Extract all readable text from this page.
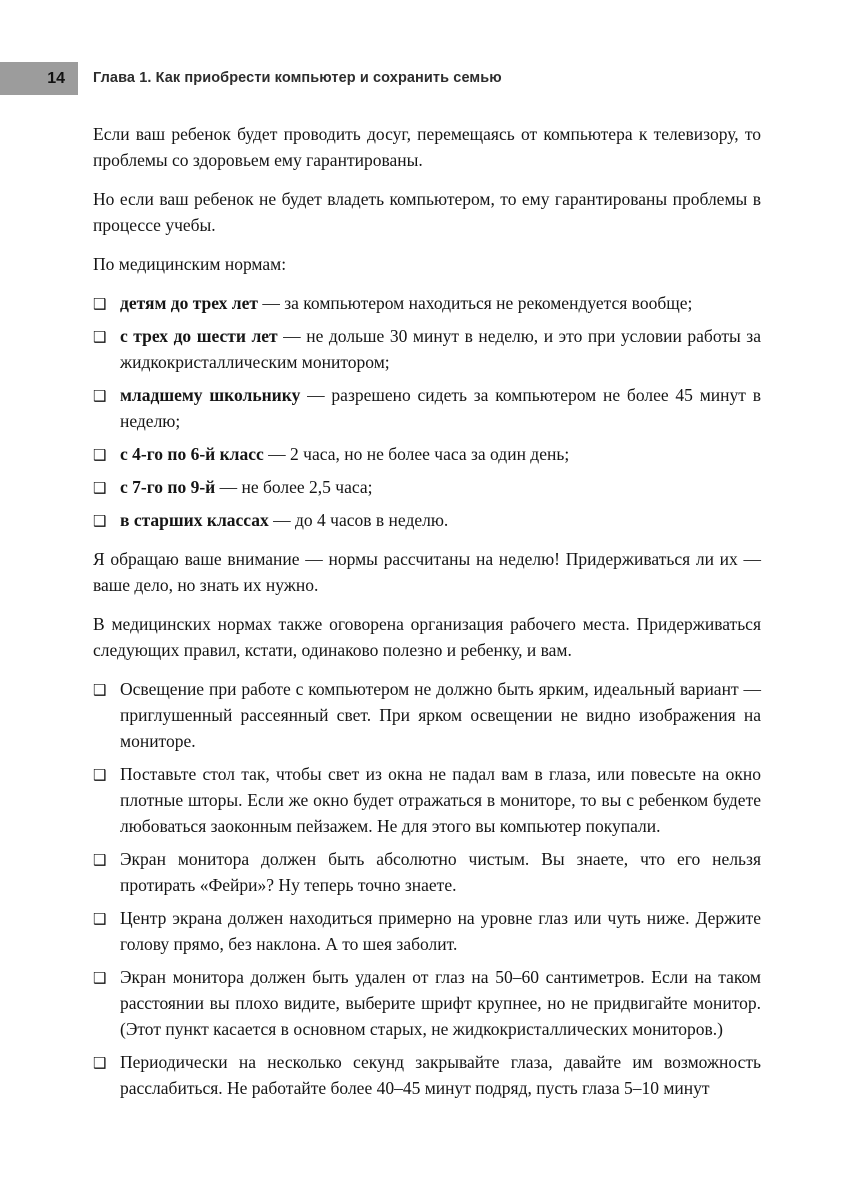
14 Глава 1. Как приобрести компьютер и сохранить семью

Если ваш ребенок будет проводить досуг, перемещаясь от компьютера к телевизору, то проблемы со здоровьем ему гарантированы.

Но если ваш ребенок не будет владеть компьютером, то ему гарантированы проблемы в процессе учебы.

По медицинским нормам:

❑ детям до трех лет — за компьютером находиться не рекомендуется вообще;
❑ с трех до шести лет — не дольше 30 минут в неделю, и это при условии работы за жидкокристаллическим монитором;
❑ младшему школьнику — разрешено сидеть за компьютером не более 45 минут в неделю;
❑ с 4-го по 6-й класс — 2 часа, но не более часа за один день;
❑ с 7-го по 9-й — не более 2,5 часа;
❑ в старших классах — до 4 часов в неделю.

Я обращаю ваше внимание — нормы рассчитаны на неделю! Придерживаться ли их — ваше дело, но знать их нужно.

В медицинских нормах также оговорена организация рабочего места. Придерживаться следующих правил, кстати, одинаково полезно и ребенку, и вам.

❑ Освещение при работе с компьютером не должно быть ярким, идеальный вариант — приглушенный рассеянный свет. При ярком освещении не видно изображения на мониторе.
❑ Поставьте стол так, чтобы свет из окна не падал вам в глаза, или повесьте на окно плотные шторы. Если же окно будет отражаться в мониторе, то вы с ребенком будете любоваться заоконным пейзажем. Не для этого вы компьютер покупали.
❑ Экран монитора должен быть абсолютно чистым. Вы знаете, что его нельзя протирать «Фейри»? Ну теперь точно знаете.
❑ Центр экрана должен находиться примерно на уровне глаз или чуть ниже. Держите голову прямо, без наклона. А то шея заболит.
❑ Экран монитора должен быть удален от глаз на 50–60 сантиметров. Если на таком расстоянии вы плохо видите, выберите шрифт крупнее, но не придвигайте монитор. (Этот пункт касается в основном старых, не жидкокристаллических мониторов.)
❑ Периодически на несколько секунд закрывайте глаза, давайте им возможность расслабиться. Не работайте более 40–45 минут подряд, пусть глаза 5–10 минут
